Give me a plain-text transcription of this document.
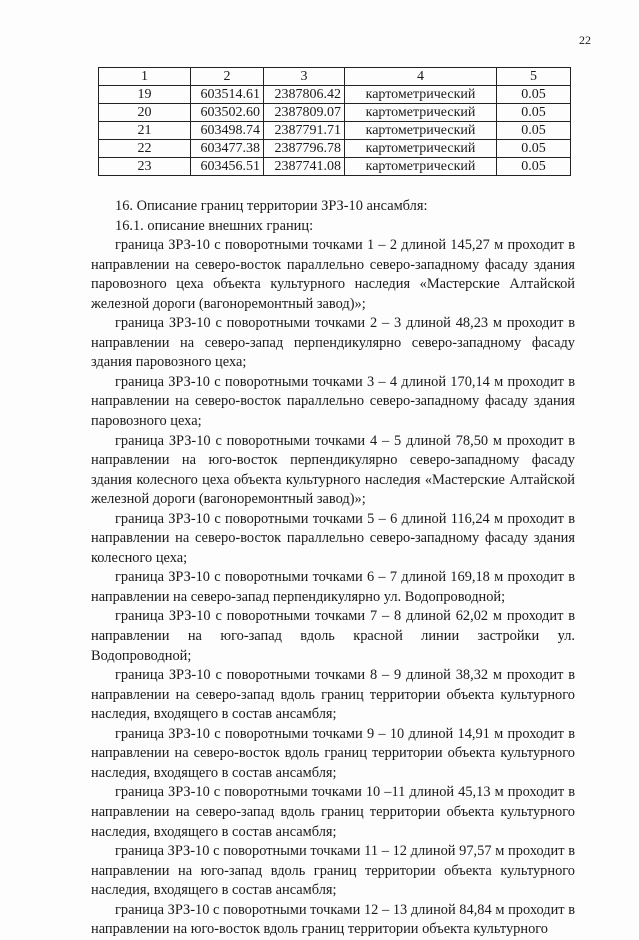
22
1	2	3	4	5
19	603514.61	2387806.42	картометрический	0.05
20	603502.60	2387809.07	картометрический	0.05
21	603498.74	2387791.71	картометрический	0.05
22	603477.38	2387796.78	картометрический	0.05
23	603456.51	2387741.08	картометрический	0.05

16. Описание границ территории ЗРЗ-10 ансамбля:

16.1. описание внешних границ:

граница ЗРЗ-10 с поворотными точками 1 – 2 длиной 145,27 м проходит в направлении на северо-восток параллельно северо-западному фасаду здания паровозного цеха объекта культурного наследия «Мастерские Алтайской железной дороги (вагоноремонтный завод)»;

граница ЗРЗ-10 с поворотными точками 2 – 3 длиной 48,23 м проходит в направлении на северо-запад перпендикулярно северо-западному фасаду здания паровозного цеха;

граница ЗРЗ-10 с поворотными точками 3 – 4 длиной 170,14 м проходит в направлении на северо-восток параллельно северо-западному фасаду здания паровозного цеха;

граница ЗРЗ-10 с поворотными точками 4 – 5 длиной 78,50 м проходит в направлении на юго-восток перпендикулярно северо-западному фасаду здания колесного цеха объекта культурного наследия «Мастерские Алтайской железной дороги (вагоноремонтный завод)»;

граница ЗРЗ-10 с поворотными точками 5 – 6 длиной 116,24 м проходит в направлении на северо-восток параллельно северо-западному фасаду здания колесного цеха;

граница ЗРЗ-10 с поворотными точками 6 – 7 длиной 169,18 м проходит в направлении на северо-запад перпендикулярно ул. Водопроводной;

граница ЗРЗ-10 с поворотными точками 7 – 8 длиной 62,02 м проходит в направлении на юго-запад вдоль красной линии застройки ул. Водопроводной;

граница ЗРЗ-10 с поворотными точками 8 – 9 длиной 38,32 м проходит в направлении на северо-запад вдоль границ территории объекта культурного наследия, входящего в состав ансамбля;

граница ЗРЗ-10 с поворотными точками 9 – 10 длиной 14,91 м проходит в направлении на северо-восток вдоль границ территории объекта культурного наследия, входящего в состав ансамбля;

граница ЗРЗ-10 с поворотными точками 10 –11 длиной 45,13 м проходит в направлении на северо-запад вдоль границ территории объекта культурного наследия, входящего в состав ансамбля;

граница ЗРЗ-10 с поворотными точками 11 – 12 длиной 97,57 м проходит в направлении на юго-запад вдоль границ территории объекта культурного наследия, входящего в состав ансамбля;

граница ЗРЗ-10 с поворотными точками 12 – 13 длиной 84,84 м проходит в направлении на юго-восток вдоль границ территории объекта культурного
